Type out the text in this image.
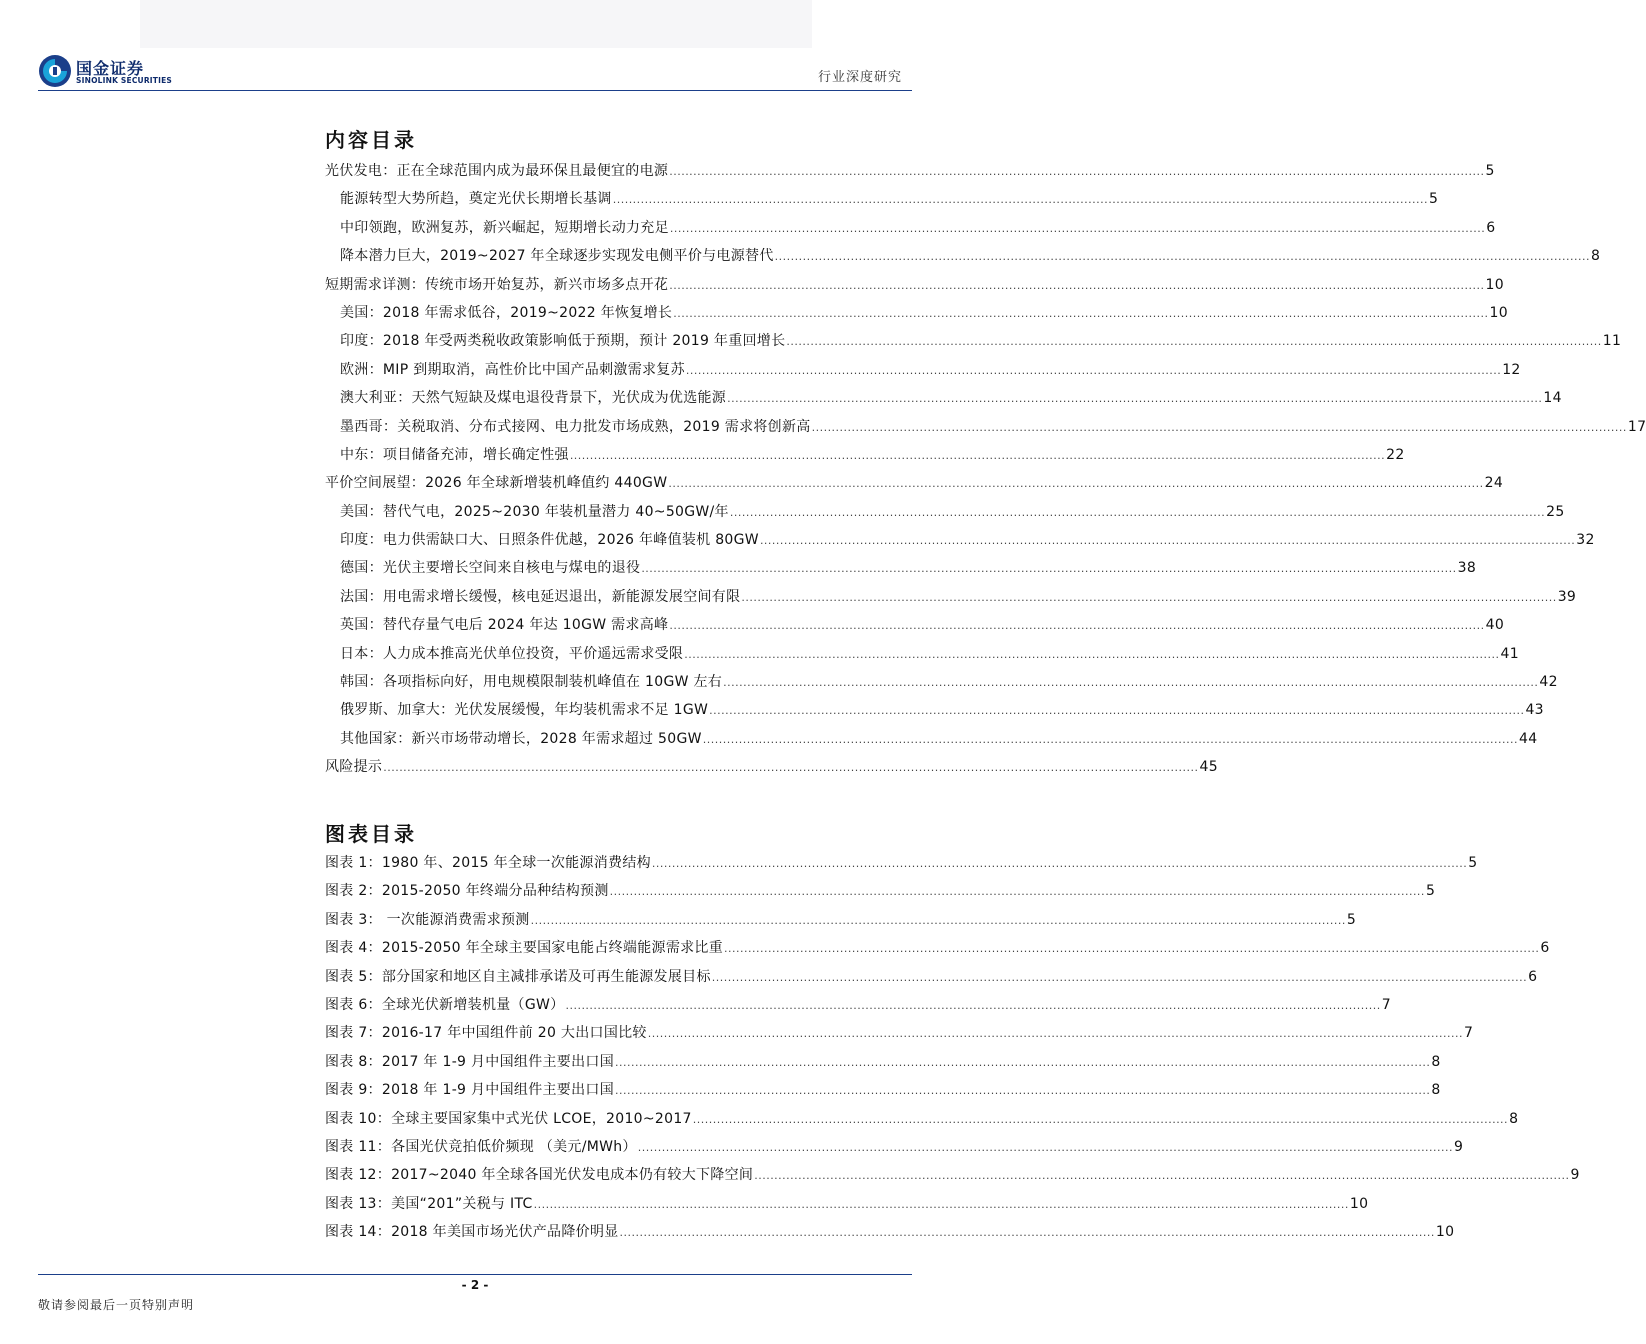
国金证券
SINOLINK SECURITIES	行业深度研究
内容目录
光伏发电：正在全球范围内成为最环保且最便宜的电源 .....	5
能源转型大势所趋，奠定光伏长期增长基调 .....	5
中印领跑，欧洲复苏，新兴崛起，短期增长动力充足 .....	6
降本潜力巨大，2019~2027 年全球逐步实现发电侧平价与电源替代 .....	8
短期需求详测：传统市场开始复苏，新兴市场多点开花 .....	10
美国：2018 年需求低谷，2019~2022 年恢复增长 .....	10
印度：2018 年受两类税收政策影响低于预期，预计 2019 年重回增长 .....	11
欧洲：MIP 到期取消，高性价比中国产品刺激需求复苏 .....	12
澳大利亚：天然气短缺及煤电退役背景下，光伏成为优选能源 .....	14
墨西哥：关税取消、分布式接网、电力批发市场成熟，2019 需求将创新高 .....	17
中东：项目储备充沛，增长确定性强 .....	22
平价空间展望：2026 年全球新增装机峰值约 440GW .....	24
美国：替代气电，2025~2030 年装机量潜力 40~50GW/年 .....	25
印度：电力供需缺口大、日照条件优越，2026 年峰值装机 80GW .....	32
德国：光伏主要增长空间来自核电与煤电的退役 .....	38
法国：用电需求增长缓慢，核电延迟退出，新能源发展空间有限 .....	39
英国：替代存量气电后 2024 年达 10GW 需求高峰 .....	40
日本：人力成本推高光伏单位投资，平价遥远需求受限 .....	41
韩国：各项指标向好，用电规模限制装机峰值在 10GW 左右 .....	42
俄罗斯、加拿大：光伏发展缓慢，年均装机需求不足 1GW .....	43
其他国家：新兴市场带动增长，2028 年需求超过 50GW .....	44
风险提示 .....	45
图表目录
图表 1：1980 年、2015 年全球一次能源消费结构 .....	5
图表 2：2015-2050 年终端分品种结构预测 .....	5
图表 3： 一次能源消费需求预测 .....	5
图表 4：2015-2050 年全球主要国家电能占终端能源需求比重 .....	6
图表 5：部分国家和地区自主减排承诺及可再生能源发展目标 .....	6
图表 6：全球光伏新增装机量（GW） .....	7
图表 7：2016-17 年中国组件前 20 大出口国比较 .....	7
图表 8：2017 年 1-9 月中国组件主要出口国 .....	8
图表 9：2018 年 1-9 月中国组件主要出口国 .....	8
图表 10：全球主要国家集中式光伏 LCOE，2010~2017 .....	8
图表 11：各国光伏竞拍低价频现 （美元/MWh） .....	9
图表 12：2017~2040 年全球各国光伏发电成本仍有较大下降空间 .....	9
图表 13：美国“201”关税与 ITC .....	10
图表 14：2018 年美国市场光伏产品降价明显 .....	10
- 2 -
敬请参阅最后一页特别声明
